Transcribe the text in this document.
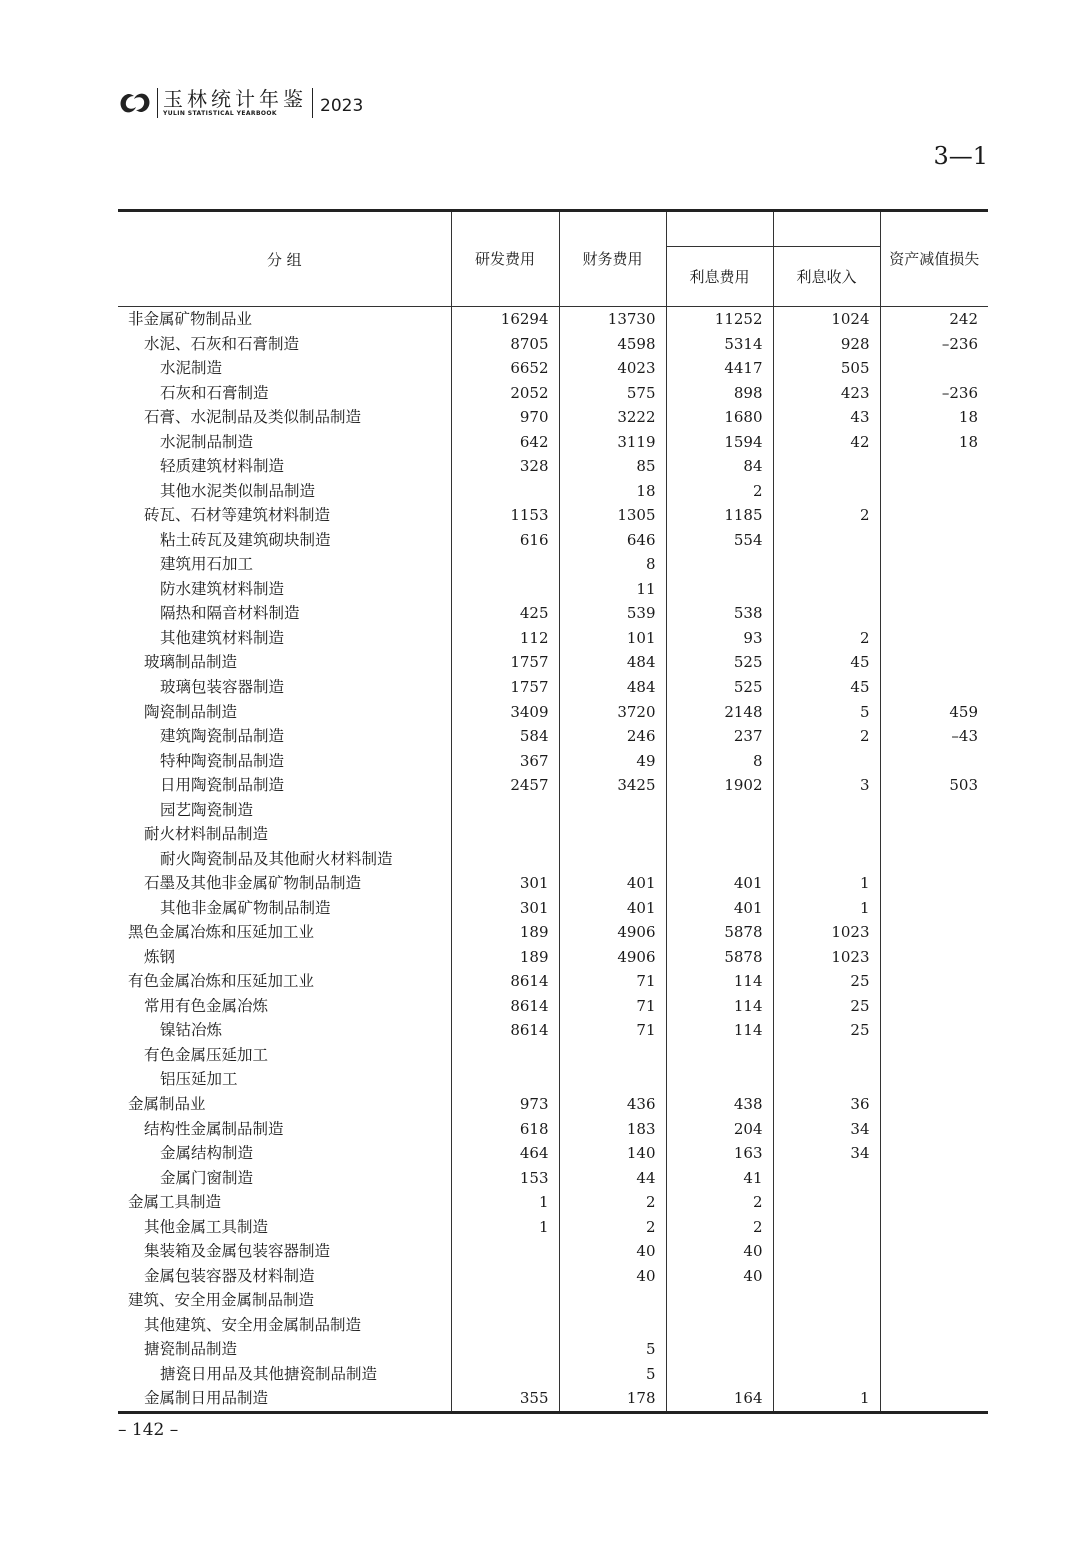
玉林统计年鉴
YULIN STATISTICAL YEARBOOK	2023
3—1
分 组	研发费用	财务费用			资产减值损失
			利息费用	利息收入	
非金属矿物制品业	16294	13730	11252	1024	242
水泥、石灰和石膏制造	8705	4598	5314	928	–236
水泥制造	6652	4023	4417	505	
石灰和石膏制造	2052	575	898	423	–236
石膏、水泥制品及类似制品制造	970	3222	1680	43	18
水泥制品制造	642	3119	1594	42	18
轻质建筑材料制造	328	85	84		
其他水泥类似制品制造		18	2		
砖瓦、石材等建筑材料制造	1153	1305	1185	2	
粘土砖瓦及建筑砌块制造	616	646	554		
建筑用石加工		8			
防水建筑材料制造		11			
隔热和隔音材料制造	425	539	538		
其他建筑材料制造	112	101	93	2	
玻璃制品制造	1757	484	525	45	
玻璃包装容器制造	1757	484	525	45	
陶瓷制品制造	3409	3720	2148	5	459
建筑陶瓷制品制造	584	246	237	2	–43
特种陶瓷制品制造	367	49	8		
日用陶瓷制品制造	2457	3425	1902	3	503
园艺陶瓷制造					
耐火材料制品制造					
耐火陶瓷制品及其他耐火材料制造					
石墨及其他非金属矿物制品制造	301	401	401	1	
其他非金属矿物制品制造	301	401	401	1	
黑色金属冶炼和压延加工业	189	4906	5878	1023	
炼钢	189	4906	5878	1023	
有色金属冶炼和压延加工业	8614	71	114	25	
常用有色金属冶炼	8614	71	114	25	
镍钴冶炼	8614	71	114	25	
有色金属压延加工					
铝压延加工					
金属制品业	973	436	438	36	
结构性金属制品制造	618	183	204	34	
金属结构制造	464	140	163	34	
金属门窗制造	153	44	41		
金属工具制造	1	2	2		
其他金属工具制造	1	2	2		
集装箱及金属包装容器制造		40	40		
金属包装容器及材料制造		40	40		
建筑、安全用金属制品制造					
其他建筑、安全用金属制品制造					
搪瓷制品制造		5			
搪瓷日用品及其他搪瓷制品制造		5			
金属制日用品制造	355	178	164	1	
– 142 –
